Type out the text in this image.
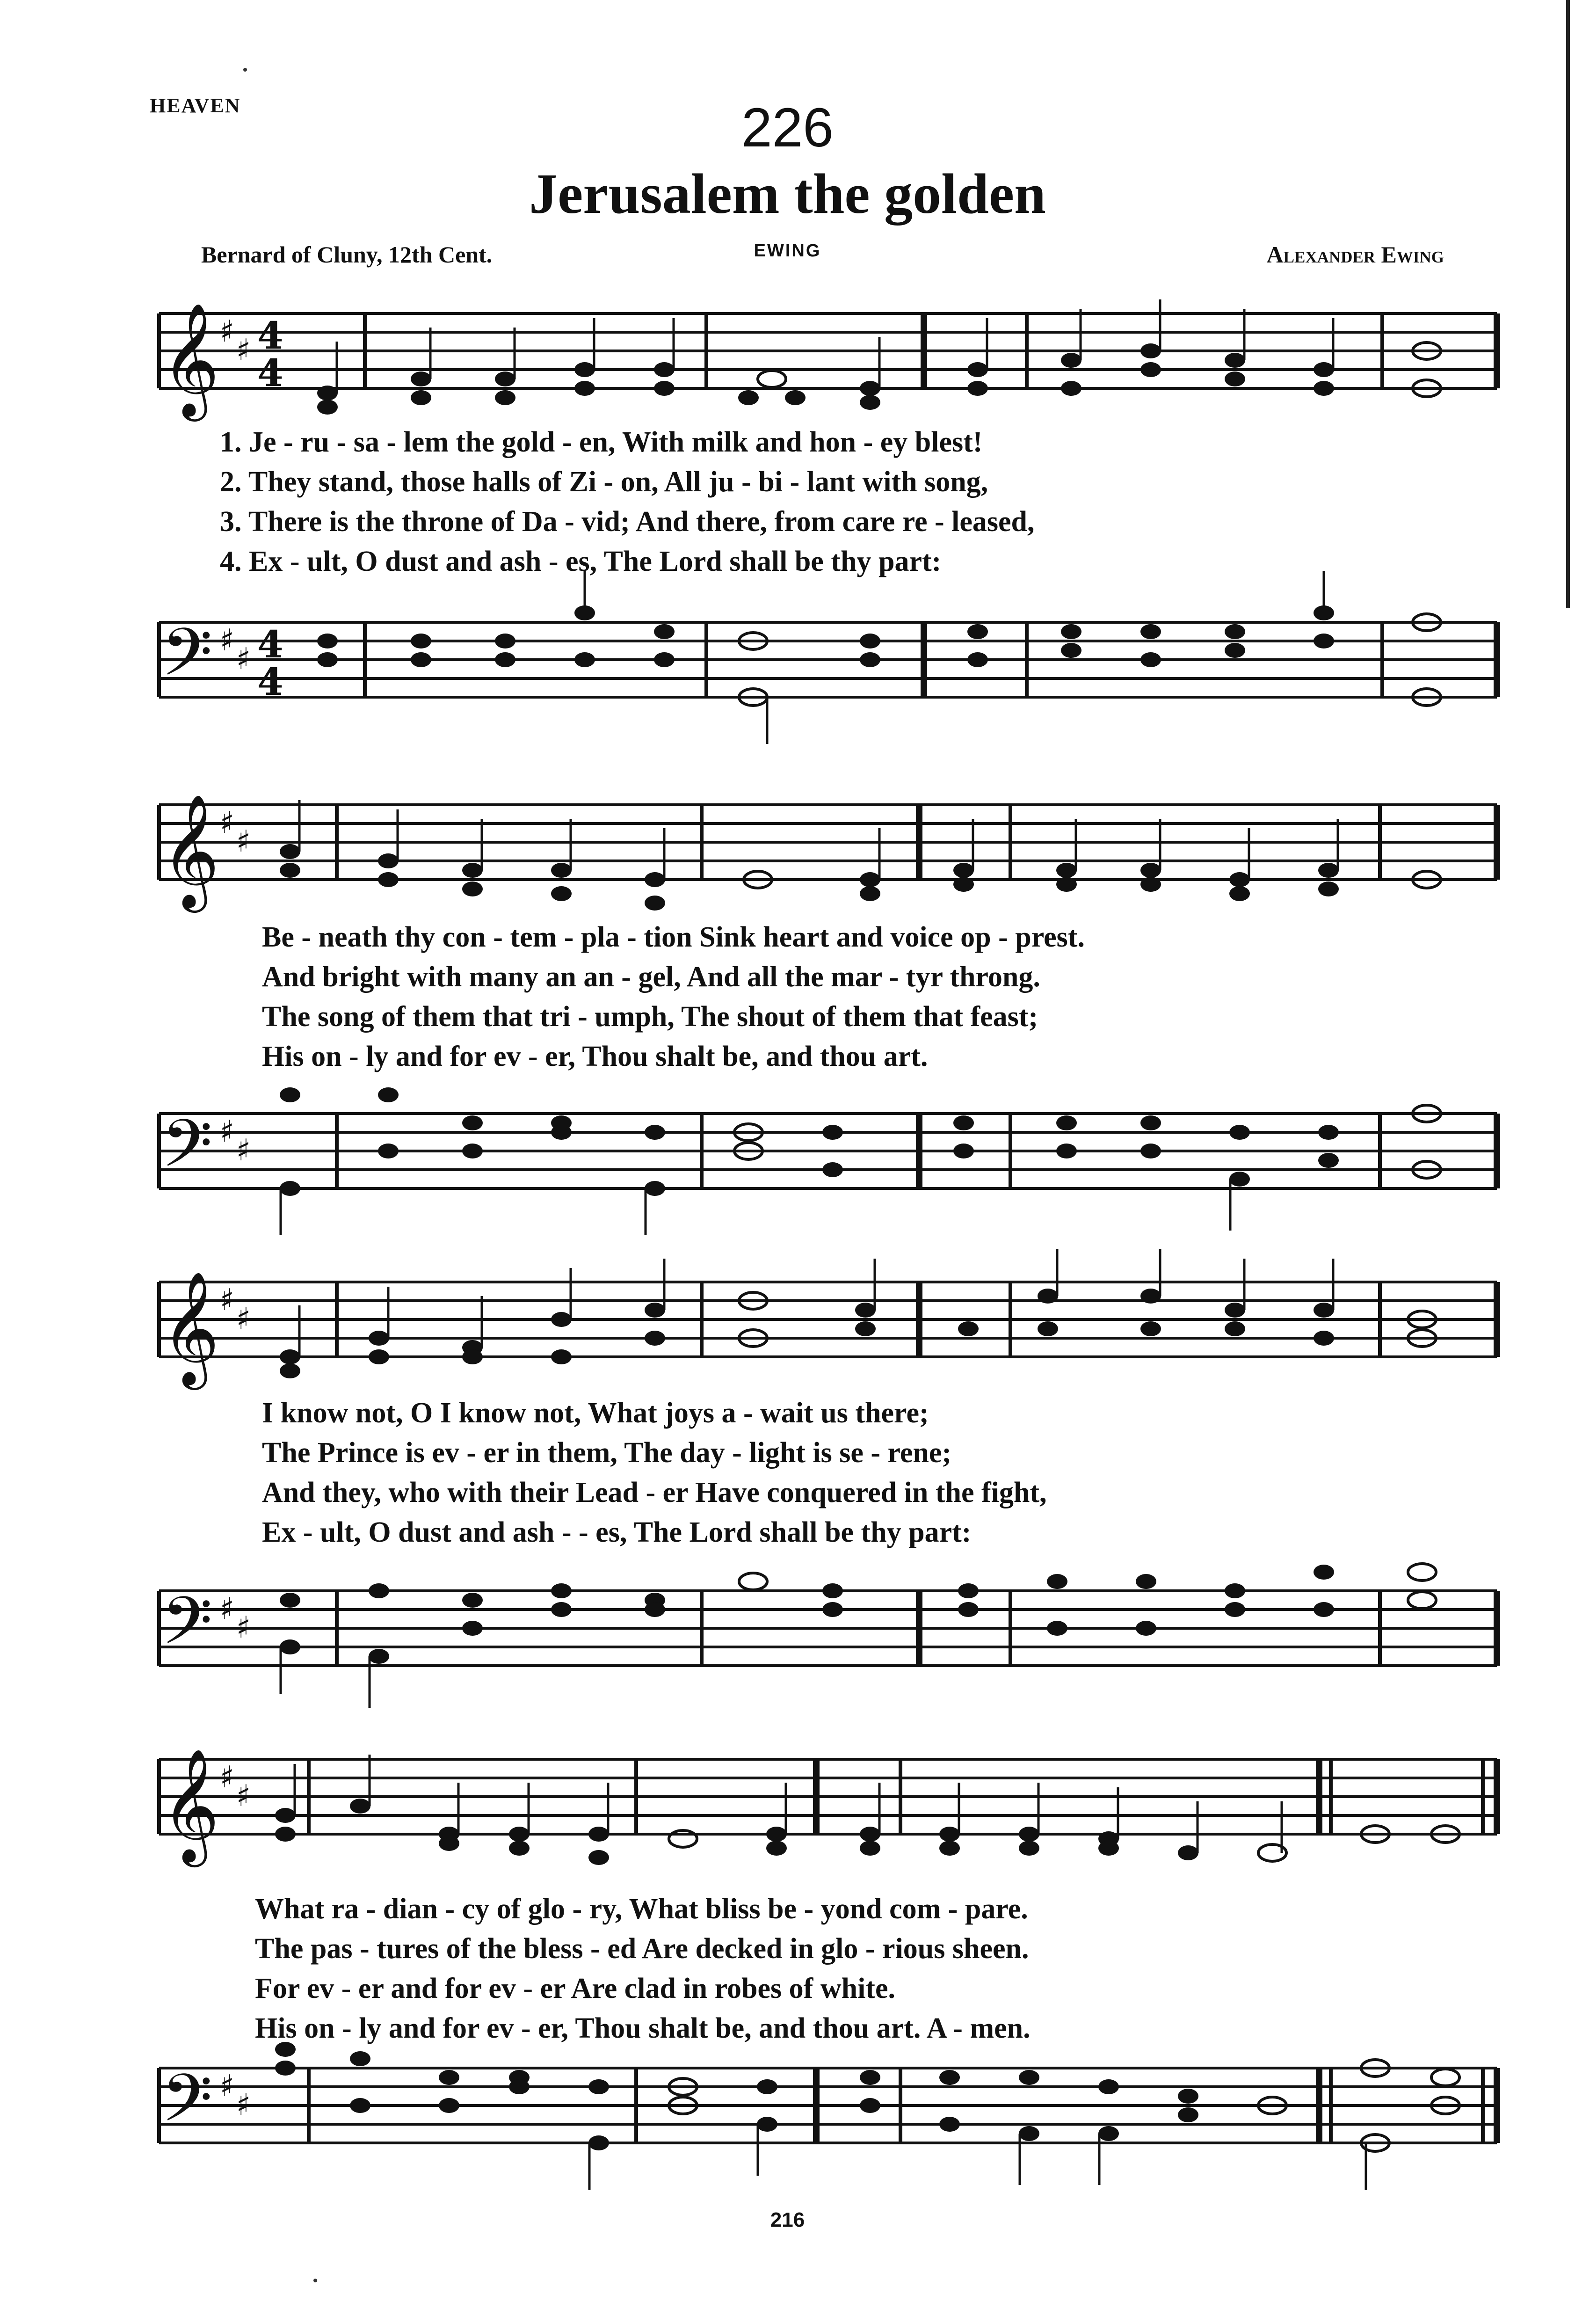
HEAVEN	226
Jerusalem the golden
Bernard of Cluny, 12th Cent.	EWING	Alexander Ewing
𝄞 ♯
♯ 4
4
𝄢 ♯
♯ 4
4
1. Je - ru - sa - lem the gold - en, With milk and hon - ey blest!
2. They stand, those halls of Zi - on, All ju - bi - lant with song,
3. There is the throne of Da - vid; And there, from care re - leased,
4. Ex - ult, O dust and ash - es, The Lord shall be thy part:
𝄞 ♯
♯
𝄢 ♯
♯
Be - neath thy con - tem - pla - tion Sink heart and voice op - prest.
And bright with many an an - gel, And all the mar - tyr throng.
The song of them that tri - umph, The shout of them that feast;
His on - ly and for ev - er, Thou shalt be, and thou art.
𝄞 ♯
♯
𝄢 ♯
♯
I know not, O I know not, What joys a - wait us there;
The Prince is ev - er in them, The day - light is se - rene;
And they, who with their Lead - er Have conquered in the fight,
Ex - ult, O dust and ash - - es, The Lord shall be thy part:
𝄞 ♯
♯
𝄢 ♯
♯
What ra - dian - cy of glo - ry, What bliss be - yond com - pare.
The pas - tures of the bless - ed Are decked in glo - rious sheen.
For ev - er and for ev - er Are clad in robes of white.
His on - ly and for ev - er, Thou shalt be, and thou art. A - men.
216
